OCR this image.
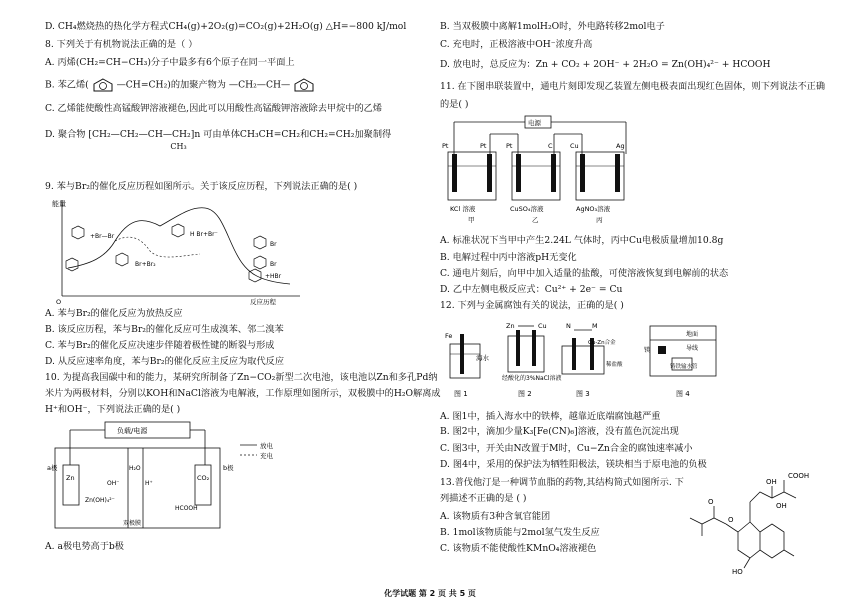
D. CH₄燃烧热的热化学方程式CH₄(g)+2O₂(g)=CO₂(g)+2H₂O(g) △H=−800 kJ/mol
8. 下列关于有机物说法正确的是（ ）
A. 丙烯(CH₂=CH−CH₃)分子中最多有6个原子在同一平面上
B. 苯乙烯(	—CH=CH₂)的加聚产物为 —CH₂—CH—
C. 乙烯能使酸性高锰酸钾溶液褪色,因此可以用酸性高锰酸钾溶液除去甲烷中的乙烯
D. 聚合物 [CH₂—CH₂—CH—CH₂]n
CH₃
可由单体CH₃CH=CH₂和CH₂=CH₂加聚制得
9. 苯与Br₂的催化反应历程如图所示。关于该反应历程，下列说法正确的是( )
能量
反应历程
O
+Br—Br
Br+Br₂
H Br+Br⁻
Br
Br
+HBr
A. 苯与Br₂的催化反应为放热反应
B. 该反应历程，苯与Br₂的催化反应可生成溴苯、邻二溴苯
C. 苯与Br₂的催化反应决速步伴随着极性键的断裂与形成
D. 从反应速率角度，苯与Br₂的催化反应主反应为取代反应
10. 为提高我国碳中和的能力，某研究所制备了Zn−CO₂新型二次电池，该电池以Zn和多孔Pd纳
米片为两极材料，分别以KOH和NaCl溶液为电解液，工作原理如图所示，双极膜中的H₂O解离成
H⁺和OH⁻，下列说法正确的是( )
负载/电源
Zn	CO₂
a极	b极
Zn(OH)₄²⁻
HCOOH
H₂O
H⁺
OH⁻
双极膜
放电
充电
A. a极电势高于b极
B. 当双极膜中离解1molH₂O时，外电路转移2mol电子
C. 充电时，正极溶液中OH⁻浓度升高
D. 放电时，总反应为：Zn + CO₂ + 2OH⁻ + 2H₂O = Zn(OH)₄²⁻ + HCOOH
11. 在下图串联装置中，通电片刻即发现乙装置左侧电极表面出现红色固体，则下列说法不正确
的是( )
电源
Pt	Pt	Pt	C	Cu	Ag
KCl 溶液	CuSO₄溶液	AgNO₃溶液
甲	乙	丙
A. 标准状况下当甲中产生2.24L 气体时，丙中Cu电极质量增加10.8g
B. 电解过程中丙中溶液pH无变化
C. 通电片刻后，向甲中加入适量的盐酸，可使溶液恢复到电解前的状态
D. 乙中左侧电极反应式：Cu²⁺ + 2e⁻ = Cu
12. 下列与金属腐蚀有关的说法，正确的是( )
Fe
海水
图 1
Zn	Cu
经酸化的3%NaCl溶液
图 2
N	M
Cu-Zn合金
稀盐酸
图 3
镁
地面
导线
铸铁输水管
图 4
A. 图1中，插入海水中的铁棒，越靠近底端腐蚀越严重
B. 图2中，滴加少量K₃[Fe(CN)₆]溶液，没有蓝色沉淀出现
C. 图3中，开关由N改置于M时，Cu−Zn合金的腐蚀速率减小
D. 图4中，采用的保护法为牺牲阳极法，镁块相当于原电池的负极
13.普伐他汀是一种调节血脂的药物,其结构简式如图所示. 下
列描述不正确的是 ( )
A. 该物质有3种含氧官能团
B. 1mol该物质能与2mol氢气发生反应
C. 该物质不能使酸性KMnO₄溶液褪色
COOH
OH
OH
HO
O
O
化学试题 第 2 页 共 5 页
